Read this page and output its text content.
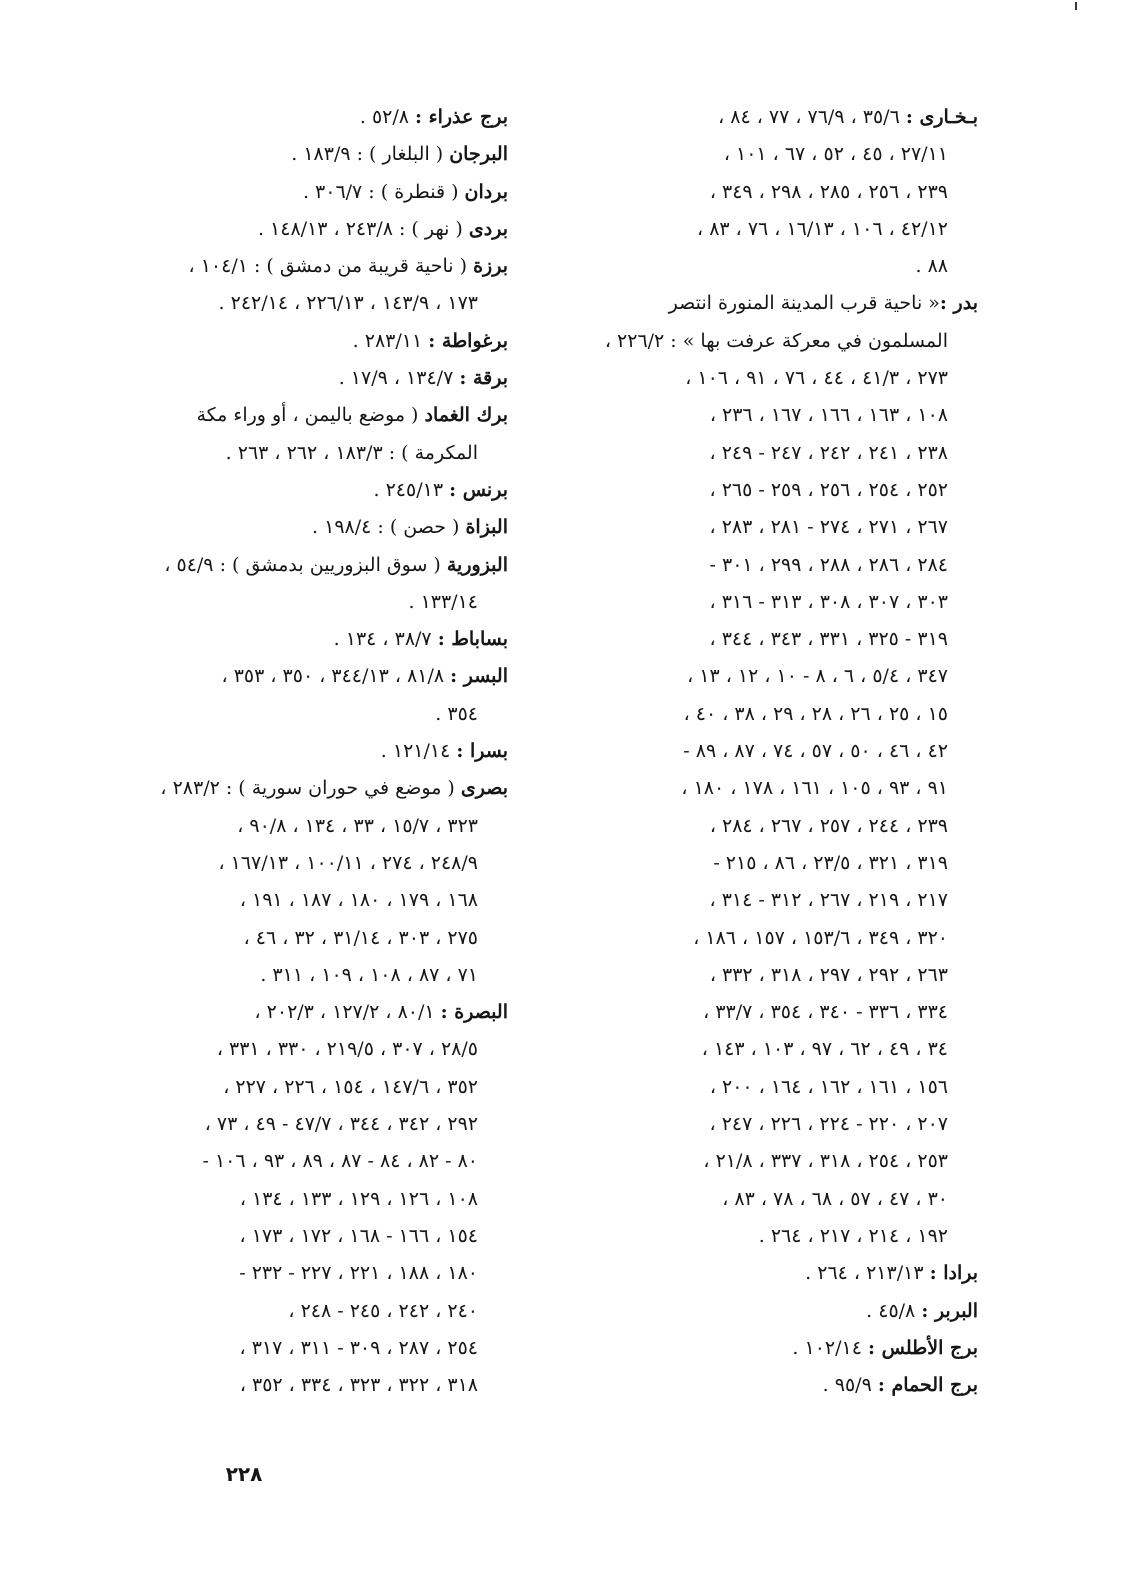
بـخـارى : ٣٥/٦ ، ٧٦/٩ ، ٧٧ ، ٨٤ ،
٢٧/١١ ، ٤٥ ، ٥٢ ، ٦٧ ، ١٠١ ،
٢٣٩ ، ٢٥٦ ، ٢٨٥ ، ٢٩٨ ، ٣٤٩ ،
٤٢/١٢ ، ١٠٦ ، ١٦/١٣ ، ٧٦ ، ٨٣ ،
٨٨ .
بدر :« ناحية قرب المدينة المنورة انتصر
المسلمون في معركة عرفت بها » : ٢٢٦/٢ ،
٢٧٣ ، ٤١/٣ ، ٤٤ ، ٧٦ ، ٩١ ، ١٠٦ ،
١٠٨ ، ١٦٣ ، ١٦٦ ، ١٦٧ ، ٢٣٦ ،
٢٣٨ ، ٢٤١ ، ٢٤٢ ، ٢٤٧ - ٢٤٩ ،
٢٥٢ ، ٢٥٤ ، ٢٥٦ ، ٢٥٩ - ٢٦٥ ،
٢٦٧ ، ٢٧١ ، ٢٧٤ - ٢٨١ ، ٢٨٣ ،
٢٨٤ ، ٢٨٦ ، ٢٨٨ ، ٢٩٩ ، ٣٠١ -
٣٠٣ ، ٣٠٧ ، ٣٠٨ ، ٣١٣ - ٣١٦ ،
٣١٩ - ٣٢٥ ، ٣٣١ ، ٣٤٣ ، ٣٤٤ ،
٣٤٧ ، ٥/٤ ، ٦ ، ٨ - ١٠ ، ١٢ ، ١٣ ،
١٥ ، ٢٥ ، ٢٦ ، ٢٨ ، ٢٩ ، ٣٨ ، ٤٠ ،
٤٢ ، ٤٦ ، ٥٠ ، ٥٧ ، ٧٤ ، ٨٧ ، ٨٩ -
٩١ ، ٩٣ ، ١٠٥ ، ١٦١ ، ١٧٨ ، ١٨٠ ،
٢٣٩ ، ٢٤٤ ، ٢٥٧ ، ٢٦٧ ، ٢٨٤ ،
٣١٩ ، ٣٢١ ، ٢٣/٥ ، ٨٦ ، ٢١٥ -
٢١٧ ، ٢١٩ ، ٢٦٧ ، ٣١٢ - ٣١٤ ،
٣٢٠ ، ٣٤٩ ، ١٥٣/٦ ، ١٥٧ ، ١٨٦ ،
٢٦٣ ، ٢٩٢ ، ٢٩٧ ، ٣١٨ ، ٣٣٢ ،
٣٣٤ ، ٣٣٦ - ٣٤٠ ، ٣٥٤ ، ٣٣/٧ ،
٣٤ ، ٤٩ ، ٦٢ ، ٩٧ ، ١٠٣ ، ١٤٣ ،
١٥٦ ، ١٦١ ، ١٦٢ ، ١٦٤ ، ٢٠٠ ،
٢٠٧ ، ٢٢٠ - ٢٢٤ ، ٢٢٦ ، ٢٤٧ ،
٢٥٣ ، ٢٥٤ ، ٣١٨ ، ٣٣٧ ، ٢١/٨ ،
٣٠ ، ٤٧ ، ٥٧ ، ٦٨ ، ٧٨ ، ٨٣ ،
١٩٢ ، ٢١٤ ، ٢١٧ ، ٢٦٤ .
برادا : ٢١٣/١٣ ، ٢٦٤ .
البربر : ٤٥/٨ .
برج الأطلس : ١٠٢/١٤ .
برج الحمام : ٩٥/٩ .
برج عذراء : ٥٢/٨ .
البرجان ( البلغار ) : ١٨٣/٩ .
بردان ( قنطرة ) : ٣٠٦/٧ .
بردى ( نهر ) : ٢٤٣/٨ ، ١٤٨/١٣ .
برزة ( ناحية قريبة من دمشق ) : ١٠٤/١ ،
١٧٣ ، ١٤٣/٩ ، ٢٢٦/١٣ ، ٢٤٢/١٤ .
برغواطة : ٢٨٣/١١ .
برقة : ١٣٤/٧ ، ١٧/٩ .
برك الغماد ( موضع باليمن ، أو وراء مكة
المكرمة ) : ١٨٣/٣ ، ٢٦٢ ، ٢٦٣ .
برنس : ٢٤٥/١٣ .
البزاة ( حصن ) : ١٩٨/٤ .
البزورية ( سوق البزوريين بدمشق ) : ٥٤/٩ ،
١٣٣/١٤ .
بساباط : ٣٨/٧ ، ١٣٤ .
البسر : ٨١/٨ ، ٣٤٤/١٣ ، ٣٥٠ ، ٣٥٣ ،
٣٥٤ .
بسرا : ١٢١/١٤ .
بصرى ( موضع في حوران سورية ) : ٢٨٣/٢ ،
٣٢٣ ، ١٥/٧ ، ٣٣ ، ١٣٤ ، ٩٠/٨ ،
٢٤٨/٩ ، ٢٧٤ ، ١٠٠/١١ ، ١٦٧/١٣ ،
١٦٨ ، ١٧٩ ، ١٨٠ ، ١٨٧ ، ١٩١ ،
٢٧٥ ، ٣٠٣ ، ٣١/١٤ ، ٣٢ ، ٤٦ ،
٧١ ، ٨٧ ، ١٠٨ ، ١٠٩ ، ٣١١ .
البصرة : ٨٠/١ ، ١٢٧/٢ ، ٢٠٢/٣ ،
٢٨/٥ ، ٣٠٧ ، ٢١٩/٥ ، ٣٣٠ ، ٣٣١ ،
٣٥٢ ، ١٤٧/٦ ، ١٥٤ ، ٢٢٦ ، ٢٢٧ ،
٢٩٢ ، ٣٤٢ ، ٣٤٤ ، ٤٧/٧ - ٤٩ ، ٧٣ ،
٨٠ - ٨٢ ، ٨٤ - ٨٧ ، ٨٩ ، ٩٣ ، ١٠٦ -
١٠٨ ، ١٢٦ ، ١٢٩ ، ١٣٣ ، ١٣٤ ،
١٥٤ ، ١٦٦ - ١٦٨ ، ١٧٢ ، ١٧٣ ،
١٨٠ ، ١٨٨ ، ٢٢١ ، ٢٢٧ - ٢٣٢ -
٢٤٠ ، ٢٤٢ ، ٢٤٥ - ٢٤٨ ،
٢٥٤ ، ٢٨٧ ، ٣٠٩ - ٣١١ ، ٣١٧ ،
٣١٨ ، ٣٢٢ ، ٣٢٣ ، ٣٣٤ ، ٣٥٢ ،
٢٢٨
